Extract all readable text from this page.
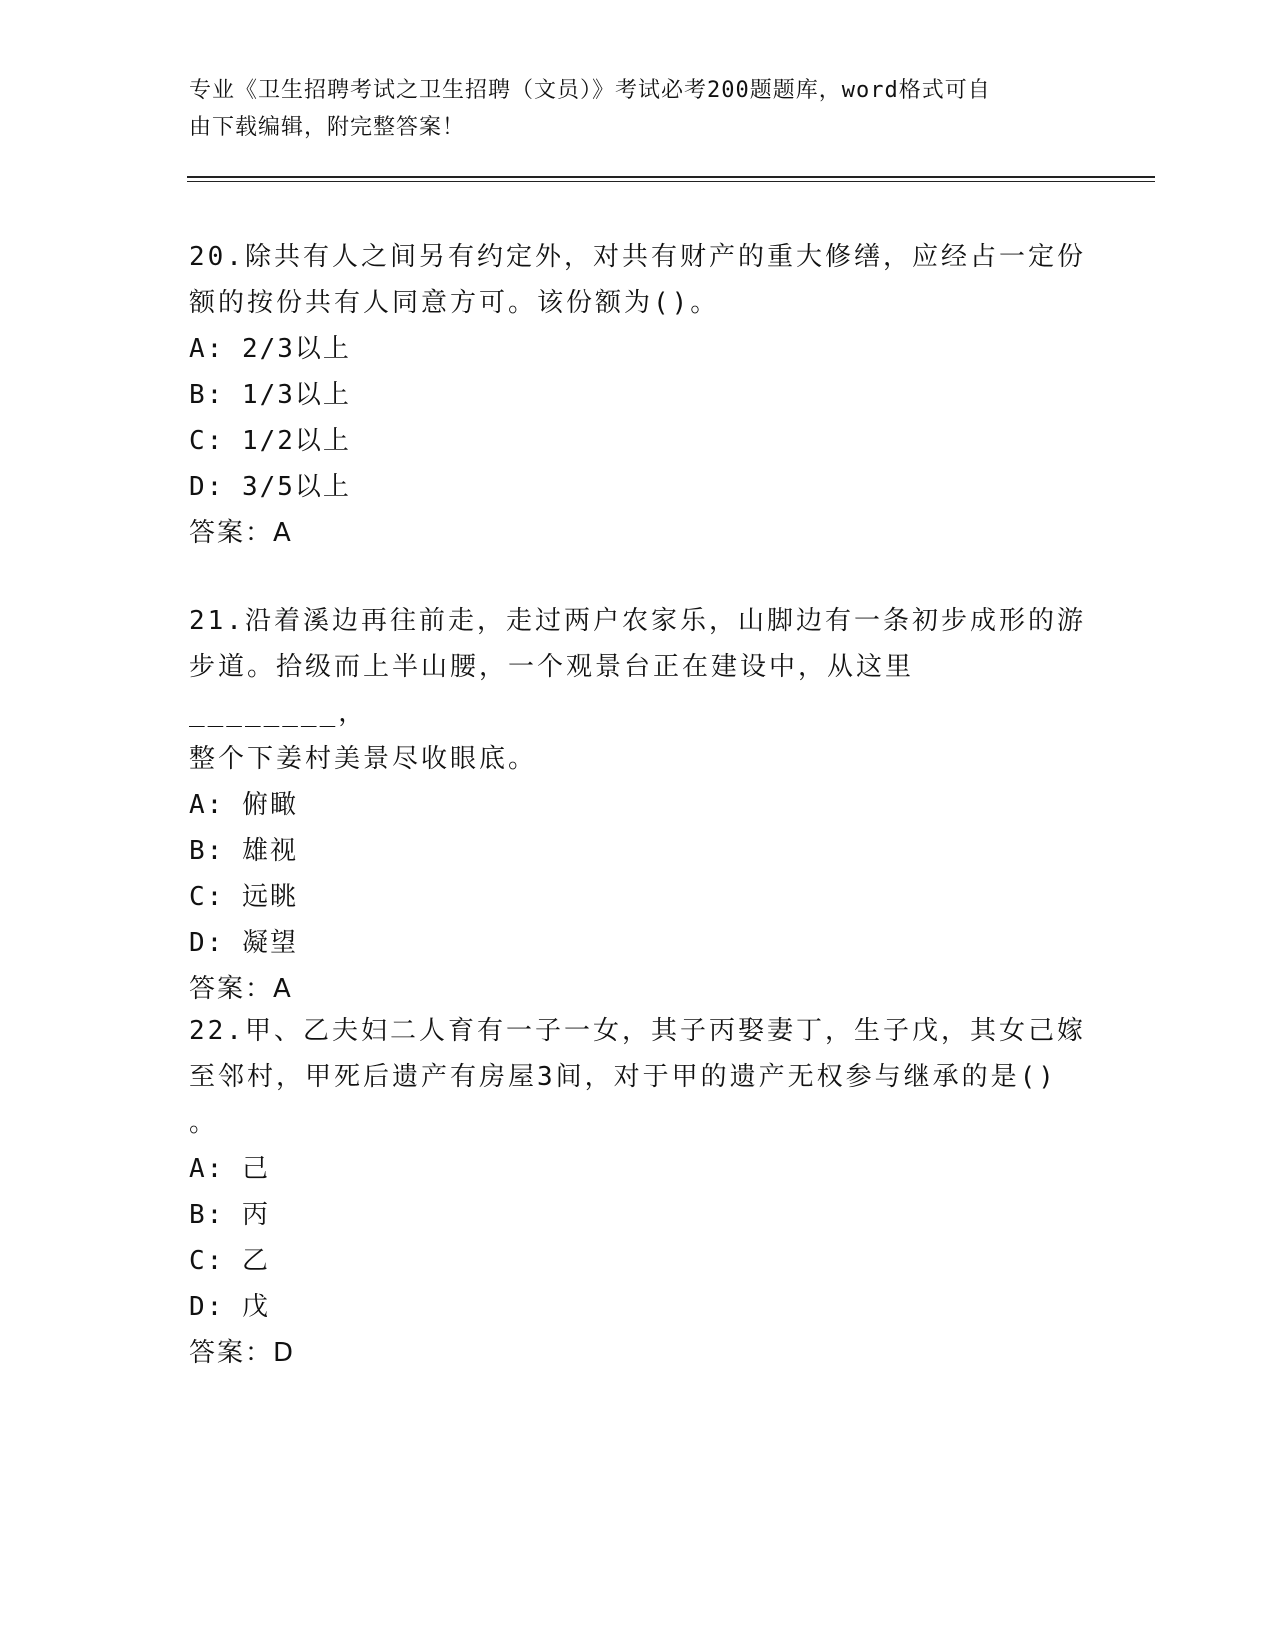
专业《卫生招聘考试之卫生招聘（文员）》考试必考200题题库，word格式可自
由下载编辑，附完整答案！

20.除共有人之间另有约定外，对共有财产的重大修缮，应经占一定份

额的按份共有人同意方可。该份额为()。

A: 2/3以上

B: 1/3以上

C: 1/2以上

D: 3/5以上

答案：A

21.沿着溪边再往前走，走过两户农家乐，山脚边有一条初步成形的游

步道。拾级而上半山腰，一个观景台正在建设中，从这里________，

整个下姜村美景尽收眼底。

A: 俯瞰

B: 雄视

C: 远眺

D: 凝望

答案：A

22.甲、乙夫妇二人育有一子一女，其子丙娶妻丁，生子戊，其女己嫁

至邻村，甲死后遗产有房屋3间，对于甲的遗产无权参与继承的是()

。

A: 己

B: 丙

C: 乙

D: 戊

答案：D
